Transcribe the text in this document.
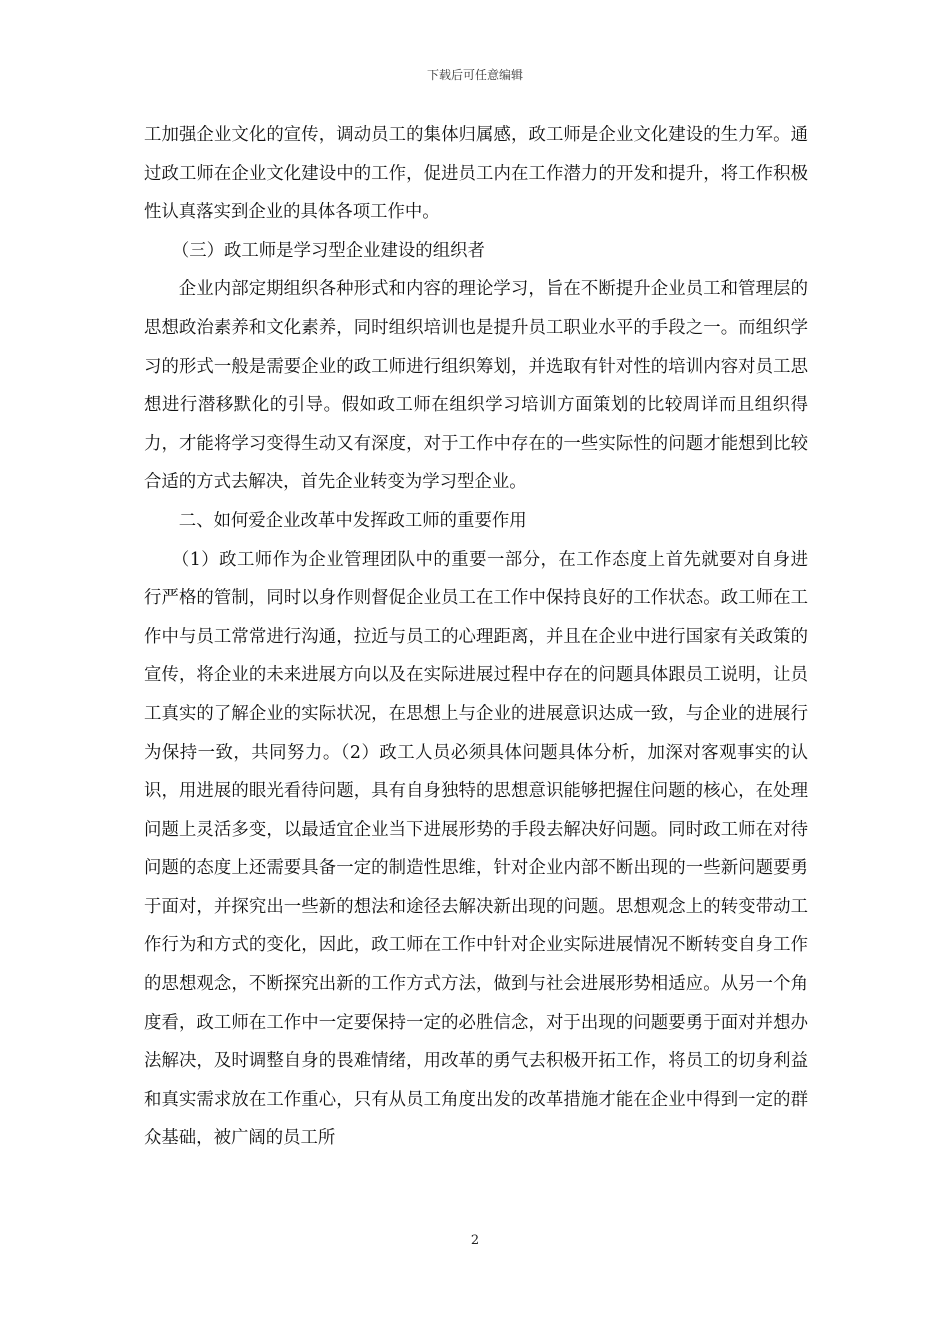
下载后可任意编辑

工加强企业文化的宣传，调动员工的集体归属感，政工师是企业文化建设的生力军。通过政工师在企业文化建设中的工作，促进员工内在工作潜力的开发和提升，将工作积极性认真落实到企业的具体各项工作中。

（三）政工师是学习型企业建设的组织者

企业内部定期组织各种形式和内容的理论学习，旨在不断提升企业员工和管理层的思想政治素养和文化素养，同时组织培训也是提升员工职业水平的手段之一。而组织学习的形式一般是需要企业的政工师进行组织筹划，并选取有针对性的培训内容对员工思想进行潜移默化的引导。假如政工师在组织学习培训方面策划的比较周详而且组织得力，才能将学习变得生动又有深度，对于工作中存在的一些实际性的问题才能想到比较合适的方式去解决，首先企业转变为学习型企业。

二、如何爱企业改革中发挥政工师的重要作用

（1）政工师作为企业管理团队中的重要一部分，在工作态度上首先就要对自身进行严格的管制，同时以身作则督促企业员工在工作中保持良好的工作状态。政工师在工作中与员工常常进行沟通，拉近与员工的心理距离，并且在企业中进行国家有关政策的宣传，将企业的未来进展方向以及在实际进展过程中存在的问题具体跟员工说明，让员工真实的了解企业的实际状况，在思想上与企业的进展意识达成一致，与企业的进展行为保持一致，共同努力。（2）政工人员必须具体问题具体分析，加深对客观事实的认识，用进展的眼光看待问题，具有自身独特的思想意识能够把握住问题的核心，在处理问题上灵活多变，以最适宜企业当下进展形势的手段去解决好问题。同时政工师在对待问题的态度上还需要具备一定的制造性思维，针对企业内部不断出现的一些新问题要勇于面对，并探究出一些新的想法和途径去解决新出现的问题。思想观念上的转变带动工作行为和方式的变化，因此，政工师在工作中针对企业实际进展情况不断转变自身工作的思想观念，不断探究出新的工作方式方法，做到与社会进展形势相适应。从另一个角度看，政工师在工作中一定要保持一定的必胜信念，对于出现的问题要勇于面对并想办法解决，及时调整自身的畏难情绪，用改革的勇气去积极开拓工作，将员工的切身利益和真实需求放在工作重心，只有从员工角度出发的改革措施才能在企业中得到一定的群众基础，被广阔的员工所

2
